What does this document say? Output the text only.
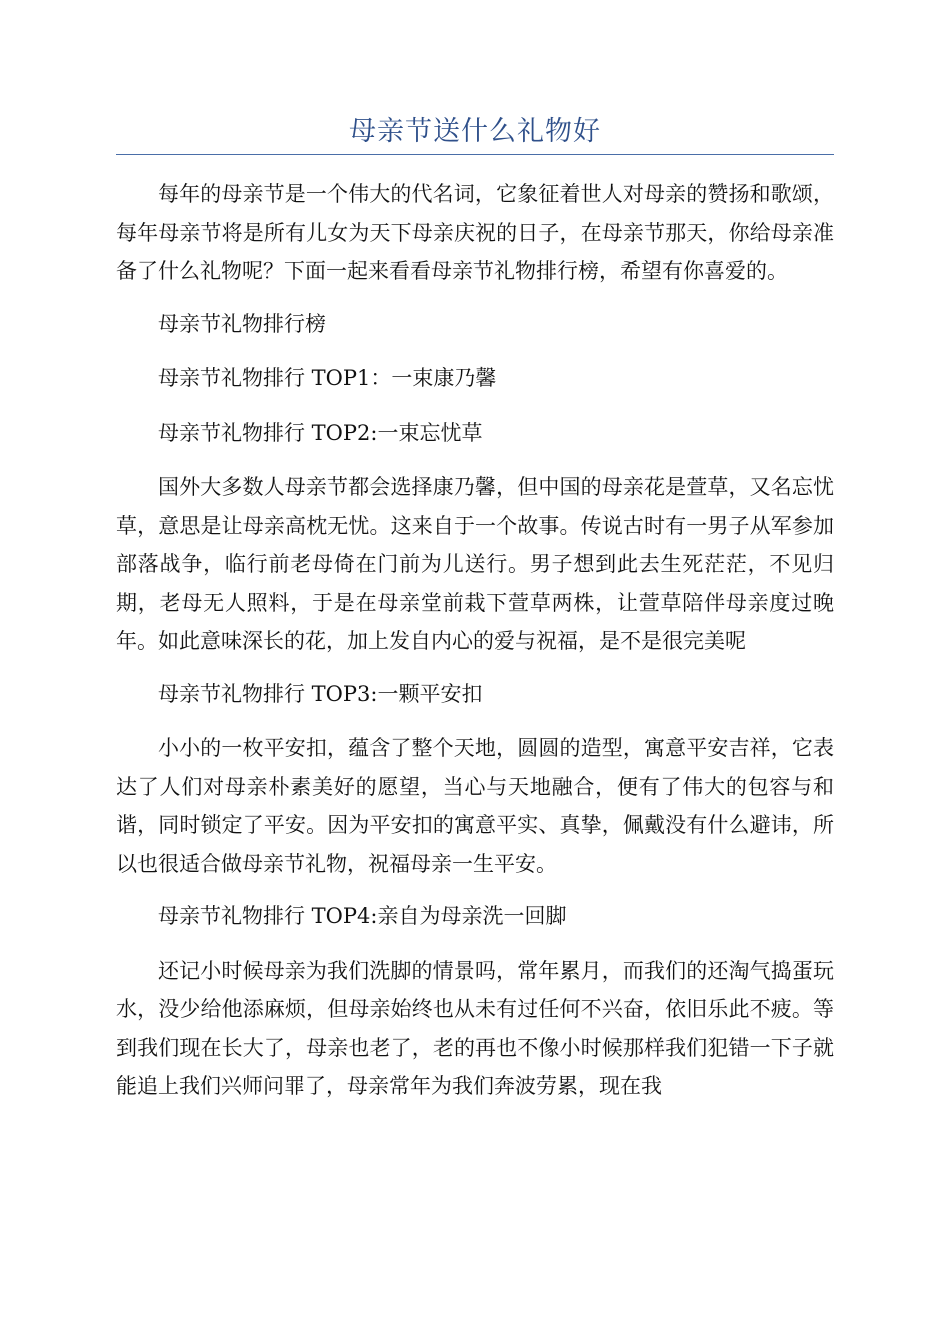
母亲节送什么礼物好

每年的母亲节是一个伟大的代名词，它象征着世人对母亲的赞扬和歌颂，每年母亲节将是所有儿女为天下母亲庆祝的日子，在母亲节那天，你给母亲准备了什么礼物呢？下面一起来看看母亲节礼物排行榜，希望有你喜爱的。

母亲节礼物排行榜

母亲节礼物排行 TOP1：一束康乃馨

母亲节礼物排行 TOP2:一束忘忧草

国外大多数人母亲节都会选择康乃馨，但中国的母亲花是萱草，又名忘忧草，意思是让母亲高枕无忧。这来自于一个故事。传说古时有一男子从军参加部落战争，临行前老母倚在门前为儿送行。男子想到此去生死茫茫，不见归期，老母无人照料，于是在母亲堂前栽下萱草两株，让萱草陪伴母亲度过晚年。如此意味深长的花，加上发自内心的爱与祝福，是不是很完美呢

母亲节礼物排行 TOP3:一颗平安扣

小小的一枚平安扣，蕴含了整个天地，圆圆的造型，寓意平安吉祥，它表达了人们对母亲朴素美好的愿望，当心与天地融合，便有了伟大的包容与和谐，同时锁定了平安。因为平安扣的寓意平实、真挚，佩戴没有什么避讳，所以也很适合做母亲节礼物，祝福母亲一生平安。

母亲节礼物排行 TOP4:亲自为母亲洗一回脚

还记小时候母亲为我们洗脚的情景吗，常年累月，而我们的还淘气捣蛋玩水，没少给他添麻烦，但母亲始终也从未有过任何不兴奋，依旧乐此不疲。等到我们现在长大了，母亲也老了，老的再也不像小时候那样我们犯错一下子就能追上我们兴师问罪了，母亲常年为我们奔波劳累，现在我
